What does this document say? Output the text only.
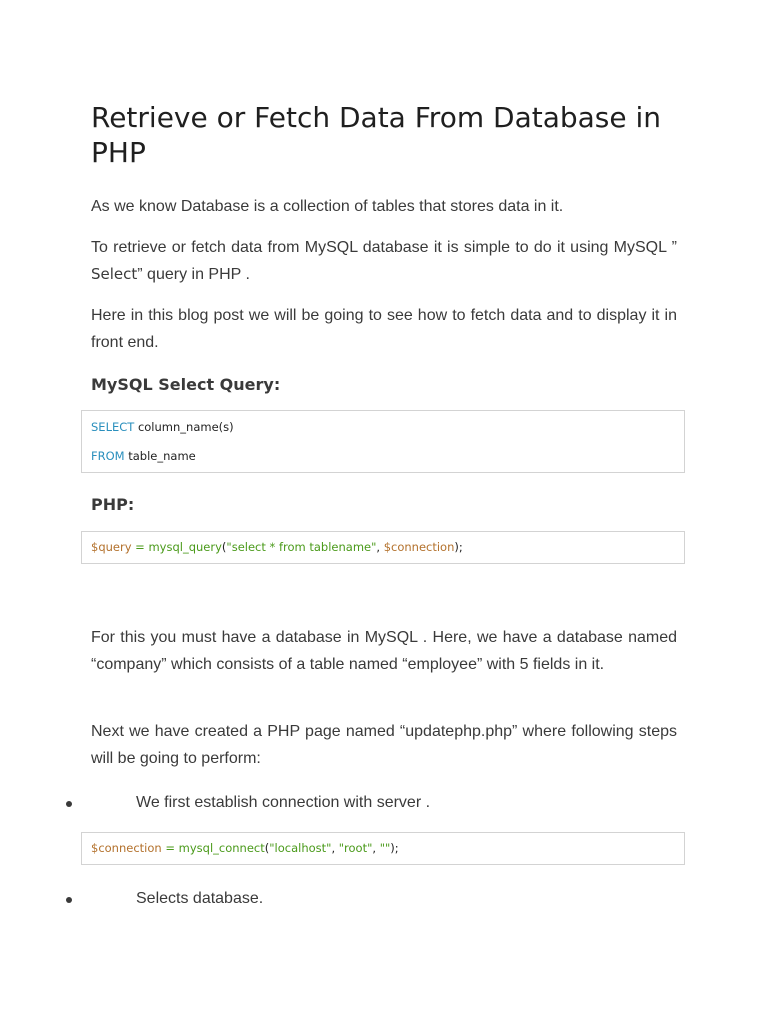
Retrieve or Fetch Data From Database in PHP

As we know Database is a collection of tables that stores data in it.

To retrieve or fetch data from MySQL database it is simple to do it using MySQL ” Select” query in PHP .

Here in this blog post we will be going to see how to fetch data and to display it in front end.

MySQL Select Query:
SELECT column_name(s)
FROM table_name
PHP:
$query = mysql_query("select * from tablename", $connection);

For this you must have a database in MySQL . Here, we have a database named “company” which consists of a table named “employee” with 5 fields in it.

Next we have created a PHP page named “updatephp.php” where following steps will be going to perform:

We first establish connection with server .
$connection = mysql_connect("localhost", "root", "");
Selects database.
